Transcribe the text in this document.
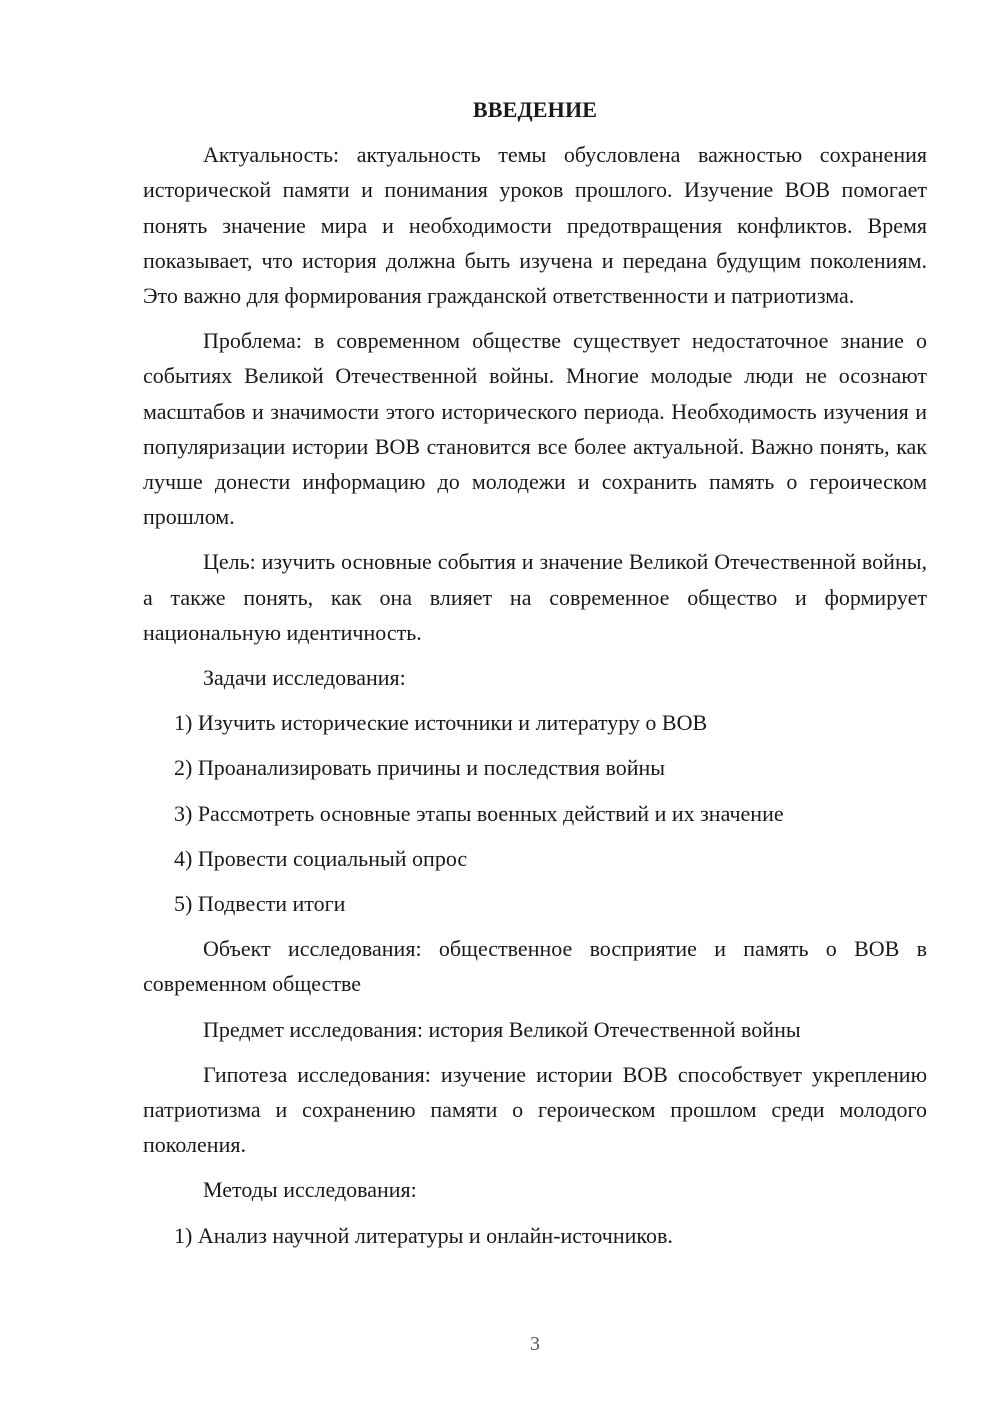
ВВЕДЕНИЕ

Актуальность: актуальность темы обусловлена важностью сохранения исторической памяти и понимания уроков прошлого. Изучение ВОВ помогает понять значение мира и необходимости предотвращения конфликтов. Время показывает, что история должна быть изучена и передана будущим поколениям. Это важно для формирования гражданской ответственности и патриотизма.

Проблема: в современном обществе существует недостаточное знание о событиях Великой Отечественной войны. Многие молодые люди не осознают масштабов и значимости этого исторического периода. Необходимость изучения и популяризации истории ВОВ становится все более актуальной. Важно понять, как лучше донести информацию до молодежи и сохранить память о героическом прошлом.

Цель: изучить основные события и значение Великой Отечественной войны, а также понять, как она влияет на современное общество и формирует национальную идентичность.

Задачи исследования:

1) Изучить исторические источники и литературу о ВОВ

2) Проанализировать причины и последствия войны

3) Рассмотреть основные этапы военных действий и их значение

4) Провести социальный опрос

5) Подвести итоги

Объект исследования: общественное восприятие и память о ВОВ в современном обществе

Предмет исследования: история Великой Отечественной войны

Гипотеза исследования: изучение истории ВОВ способствует укреплению патриотизма и сохранению памяти о героическом прошлом среди молодого поколения.

Методы исследования:

1) Анализ научной литературы и онлайн-источников.

3
